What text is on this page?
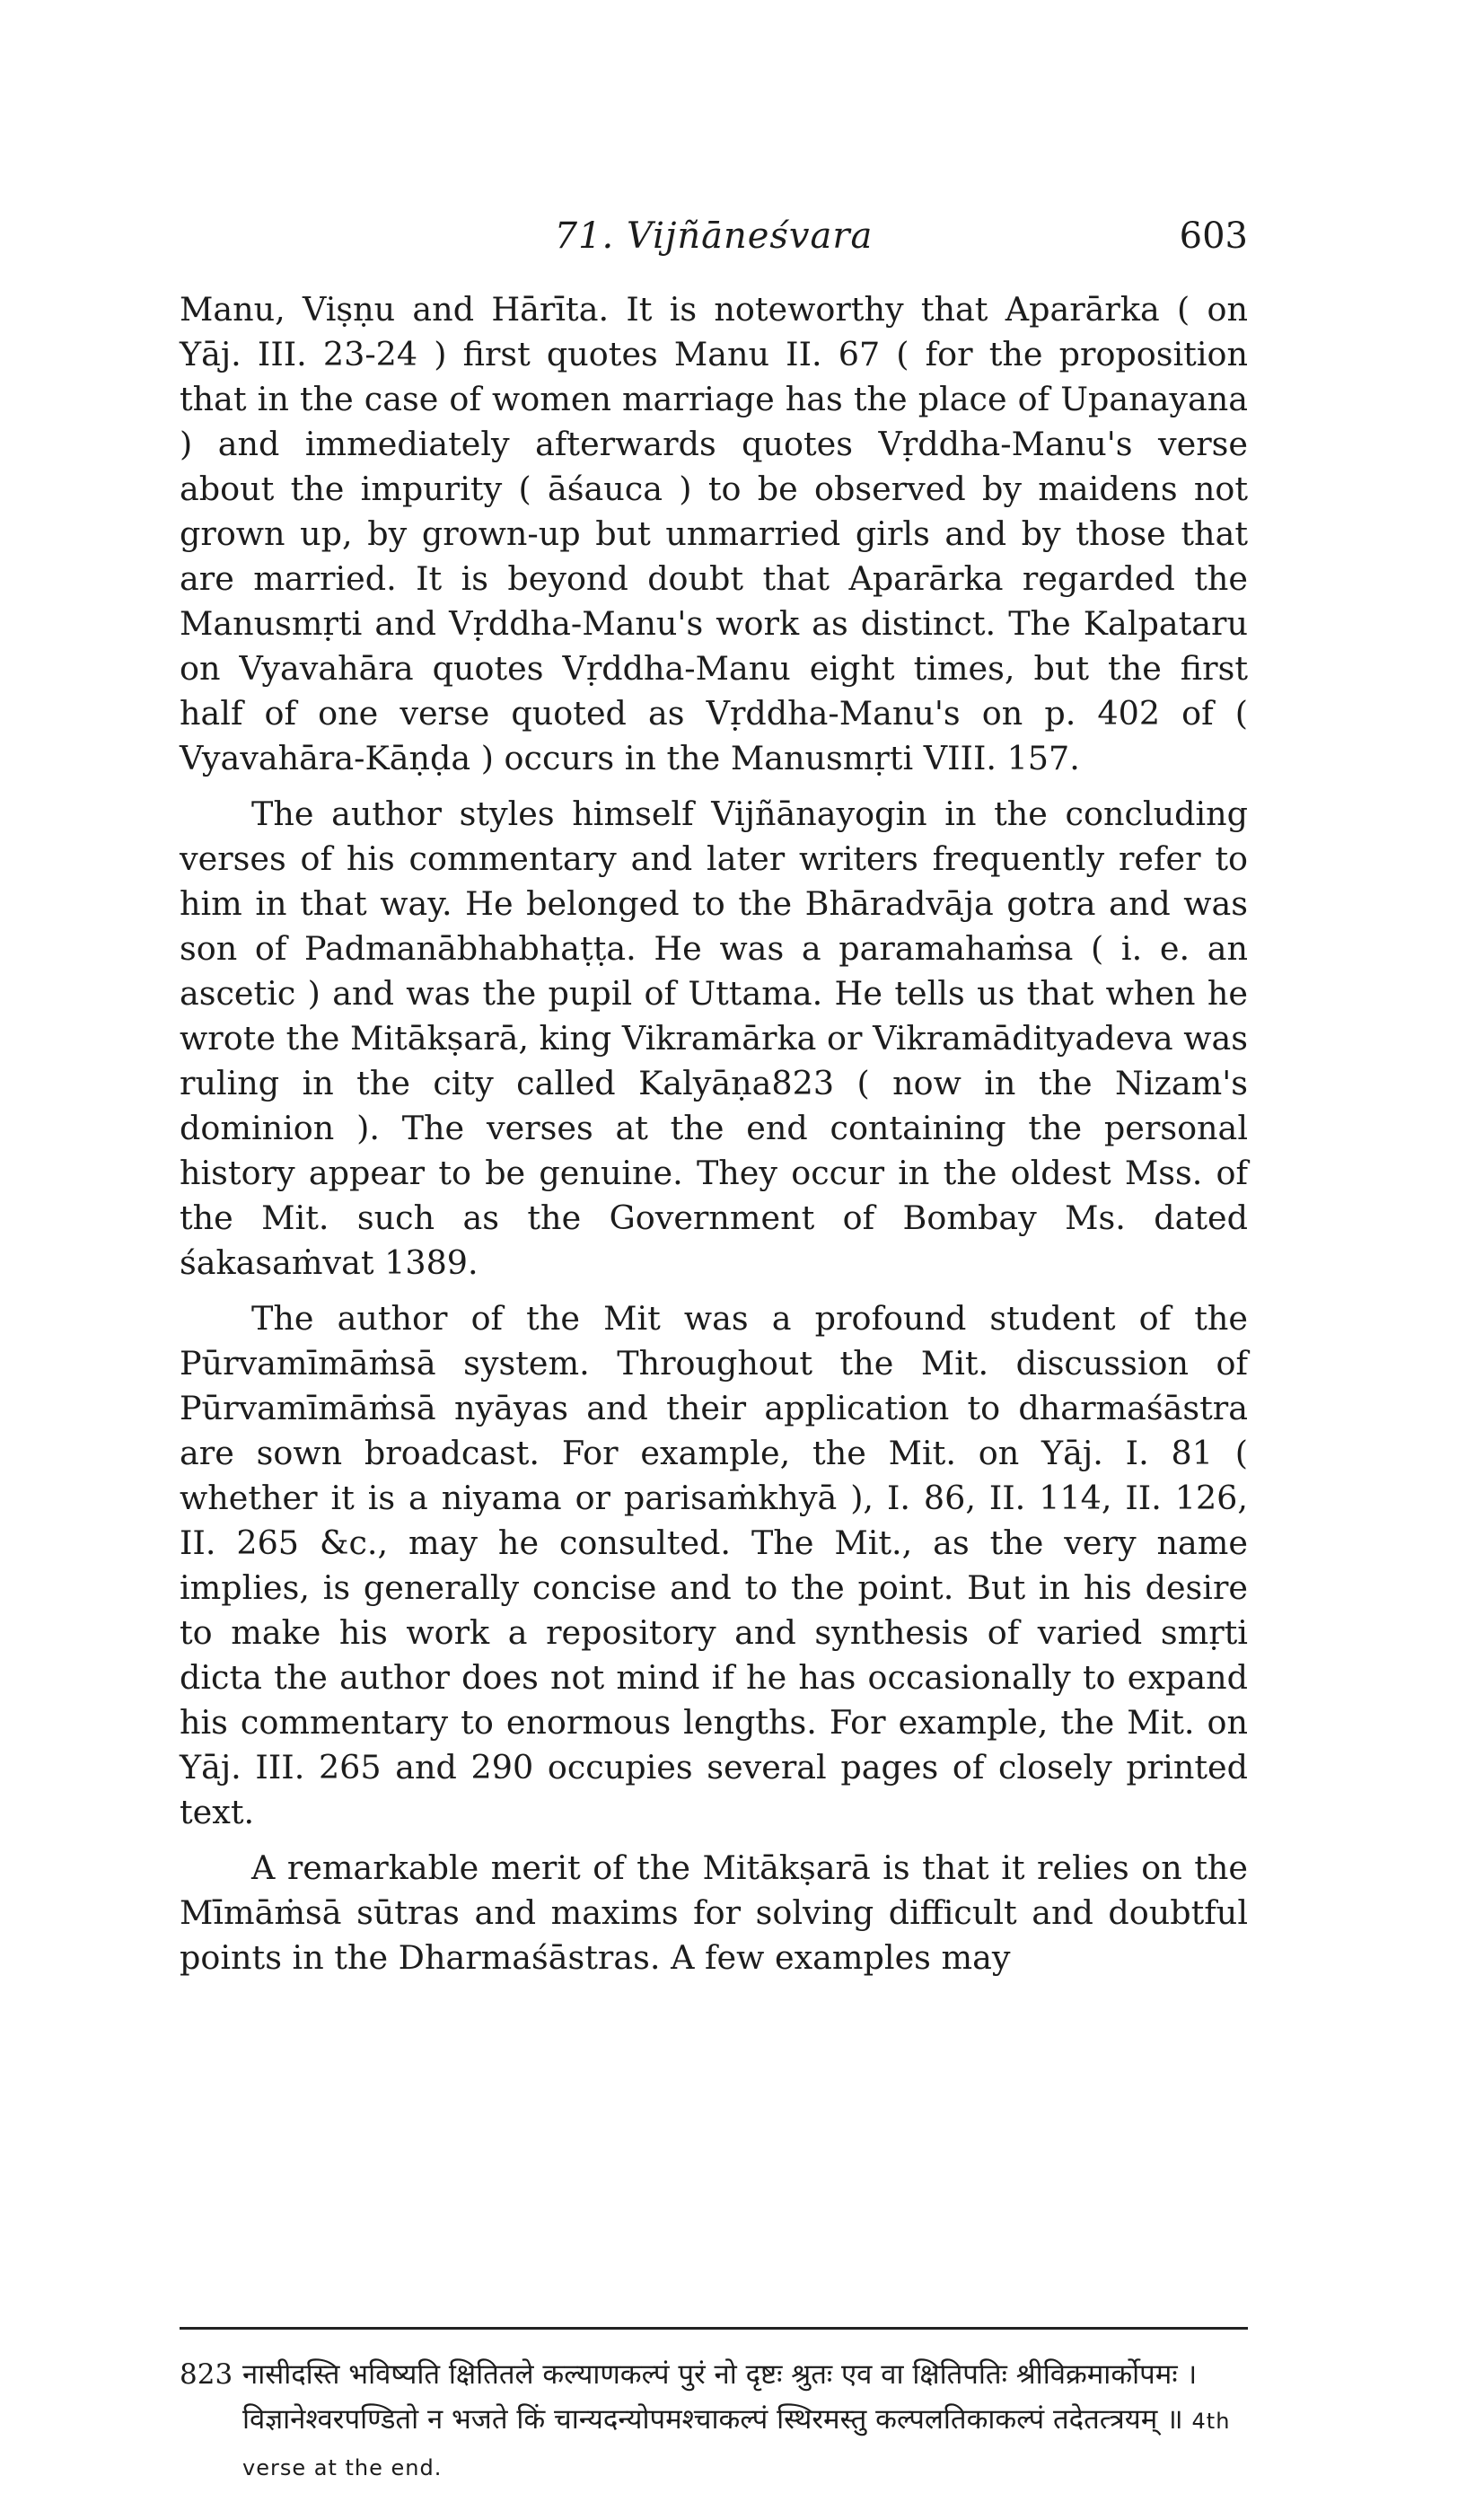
71. Vijñāneśvara	603

Manu, Viṣṇu and Hārīta. It is noteworthy that Aparārka ( on Yāj. III. 23-24 ) first quotes Manu II. 67 ( for the proposition that in the case of women marriage has the place of Upanayana ) and immediately afterwards quotes Vṛddha-Manu's verse about the impurity ( āśauca ) to be observed by maidens not grown up, by grown-up but unmarried girls and by those that are married. It is beyond doubt that Aparārka regarded the Manusmṛti and Vṛddha-Manu's work as distinct. The Kalpataru on Vyavahāra quotes Vṛddha-Manu eight times, but the first half of one verse quoted as Vṛddha-Manu's on p. 402 of ( Vyavahāra-Kāṇḍa ) occurs in the Manusmṛti VIII. 157.

The author styles himself Vijñānayogin in the concluding verses of his commentary and later writers frequently refer to him in that way. He belonged to the Bhāradvāja gotra and was son of Padmanābhabhaṭṭa. He was a paramahaṁsa ( i. e. an ascetic ) and was the pupil of Uttama. He tells us that when he wrote the Mitākṣarā, king Vikramārka or Vikramādityadeva was ruling in the city called Kalyāṇa823 ( now in the Nizam's dominion ). The verses at the end containing the personal history appear to be genuine. They occur in the oldest Mss. of the Mit. such as the Government of Bombay Ms. dated śakasaṁvat 1389.

The author of the Mit was a profound student of the Pūrvamīmāṁsā system. Throughout the Mit. discussion of Pūrvamīmāṁsā nyāyas and their application to dharmaśāstra are sown broadcast. For example, the Mit. on Yāj. I. 81 ( whether it is a niyama or parisaṁkhyā ), I. 86, II. 114, II. 126, II. 265 &c., may he consulted. The Mit., as the very name implies, is generally concise and to the point. But in his desire to make his work a repository and synthesis of varied smṛti dicta the author does not mind if he has occasionally to expand his commentary to enormous lengths. For example, the Mit. on Yāj. III. 265 and 290 occupies several pages of closely printed text.

A remarkable merit of the Mitākṣarā is that it relies on the Mīmāṁsā sūtras and maxims for solving difficult and doubtful points in the Dharmaśāstras. A few examples may

823 नासीदस्ति भविष्यति क्षितितले कल्याणकल्पं पुरं नो दृष्टः श्रुतः एव वा क्षितिपतिः श्रीविक्रमार्कोपमः । विज्ञानेश्वरपण्डितो न भजते किं चान्यदन्योपमश्चाकल्पं स्थिरमस्तु कल्पलतिकाकल्पं तदेतत्त्रयम् ॥ 4th verse at the end.
